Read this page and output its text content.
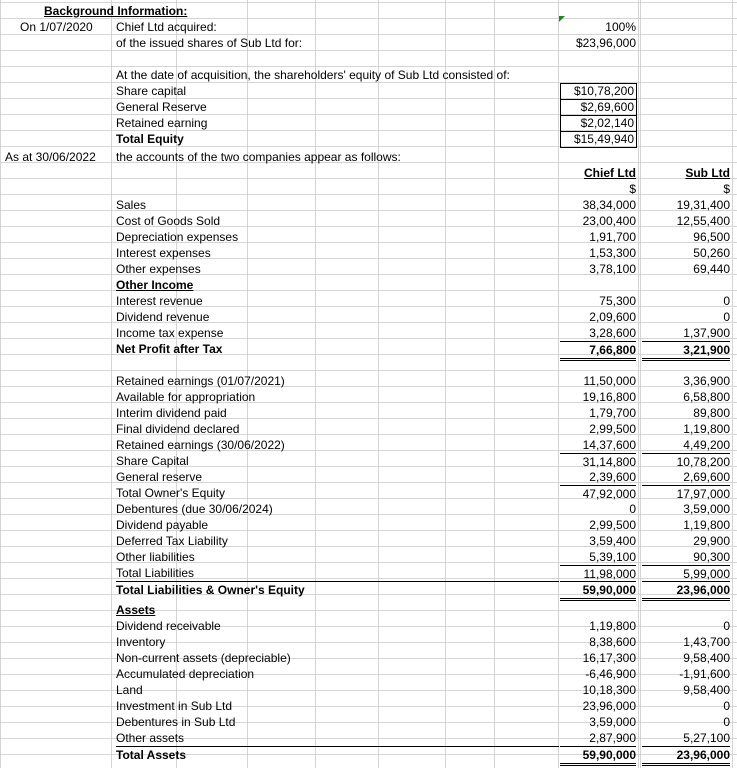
Background Information:
On 1/07/2020 Chief Ltd acquired:	100%
of the issued shares of Sub Ltd for:	$23,96,000
At the date of acquisition, the shareholders' equity of Sub Ltd consisted of:
Share capital	$10,78,200
General Reserve	$2,69,600
Retained earning	$2,02,140
Total Equity	$15,49,940
As at 30/06/2022 the accounts of the two companies appear as follows:
Chief Ltd	Sub Ltd
$	$
Sales	38,34,000	19,31,400
Cost of Goods Sold	23,00,400	12,55,400
Depreciation expenses	1,91,700	96,500
Interest expenses	1,53,300	50,260
Other expenses	3,78,100	69,440
Other Income
Interest revenue	75,300	0
Dividend revenue	2,09,600	0
Income tax expense	3,28,600	1,37,900
Net Profit after Tax	7,66,800	3,21,900
Retained earnings (01/07/2021)	11,50,000	3,36,900
Available for appropriation	19,16,800	6,58,800
Interim dividend paid	1,79,700	89,800
Final dividend declared	2,99,500	1,19,800
Retained earnings (30/06/2022)	14,37,600	4,49,200
Share Capital	31,14,800	10,78,200
General reserve	2,39,600	2,69,600
Total Owner's Equity	47,92,000	17,97,000
Debentures (due 30/06/2024)	0	3,59,000
Dividend payable	2,99,500	1,19,800
Deferred Tax Liability	3,59,400	29,900
Other liabilities	5,39,100	90,300
Total Liabilities	11,98,000	5,99,000
Total Liabilities & Owner's Equity	59,90,000	23,96,000
Assets
Dividend receivable	1,19,800	0
Inventory	8,38,600	1,43,700
Non-current assets (depreciable)	16,17,300	9,58,400
Accumulated depreciation	-6,46,900	-1,91,600
Land	10,18,300	9,58,400
Investment in Sub Ltd	23,96,000	0
Debentures in Sub Ltd	3,59,000	0
Other assets	2,87,900	5,27,100
Total Assets	59,90,000	23,96,000
